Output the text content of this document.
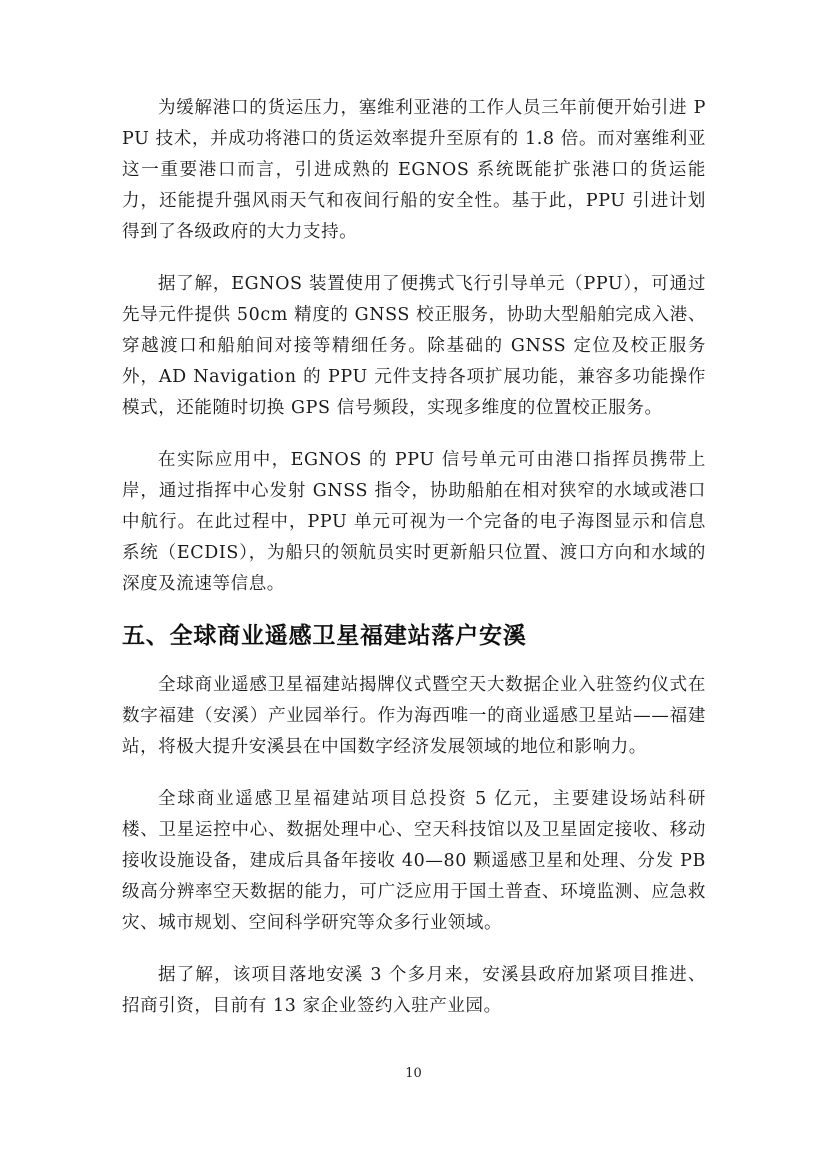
为缓解港口的货运压力，塞维利亚港的工作人员三年前便开始引进 PPU 技术，并成功将港口的货运效率提升至原有的 1.8 倍。而对塞维利亚这一重要港口而言，引进成熟的 EGNOS 系统既能扩张港口的货运能力，还能提升强风雨天气和夜间行船的安全性。基于此，PPU 引进计划得到了各级政府的大力支持。

据了解，EGNOS 装置使用了便携式飞行引导单元（PPU），可通过先导元件提供 50cm 精度的 GNSS 校正服务，协助大型船舶完成入港、穿越渡口和船舶间对接等精细任务。除基础的 GNSS 定位及校正服务外，AD Navigation 的 PPU 元件支持各项扩展功能，兼容多功能操作模式，还能随时切换 GPS 信号频段，实现多维度的位置校正服务。

在实际应用中，EGNOS 的 PPU 信号单元可由港口指挥员携带上岸，通过指挥中心发射 GNSS 指令，协助船舶在相对狭窄的水域或港口中航行。在此过程中，PPU 单元可视为一个完备的电子海图显示和信息系统（ECDIS），为船只的领航员实时更新船只位置、渡口方向和水域的深度及流速等信息。

五、全球商业遥感卫星福建站落户安溪

全球商业遥感卫星福建站揭牌仪式暨空天大数据企业入驻签约仪式在数字福建（安溪）产业园举行。作为海西唯一的商业遥感卫星站——福建站，将极大提升安溪县在中国数字经济发展领域的地位和影响力。

全球商业遥感卫星福建站项目总投资 5 亿元，主要建设场站科研楼、卫星运控中心、数据处理中心、空天科技馆以及卫星固定接收、移动接收设施设备，建成后具备年接收 40—80 颗遥感卫星和处理、分发 PB 级高分辨率空天数据的能力，可广泛应用于国土普查、环境监测、应急救灾、城市规划、空间科学研究等众多行业领域。

据了解，该项目落地安溪 3 个多月来，安溪县政府加紧项目推进、招商引资，目前有 13 家企业签约入驻产业园。

10
